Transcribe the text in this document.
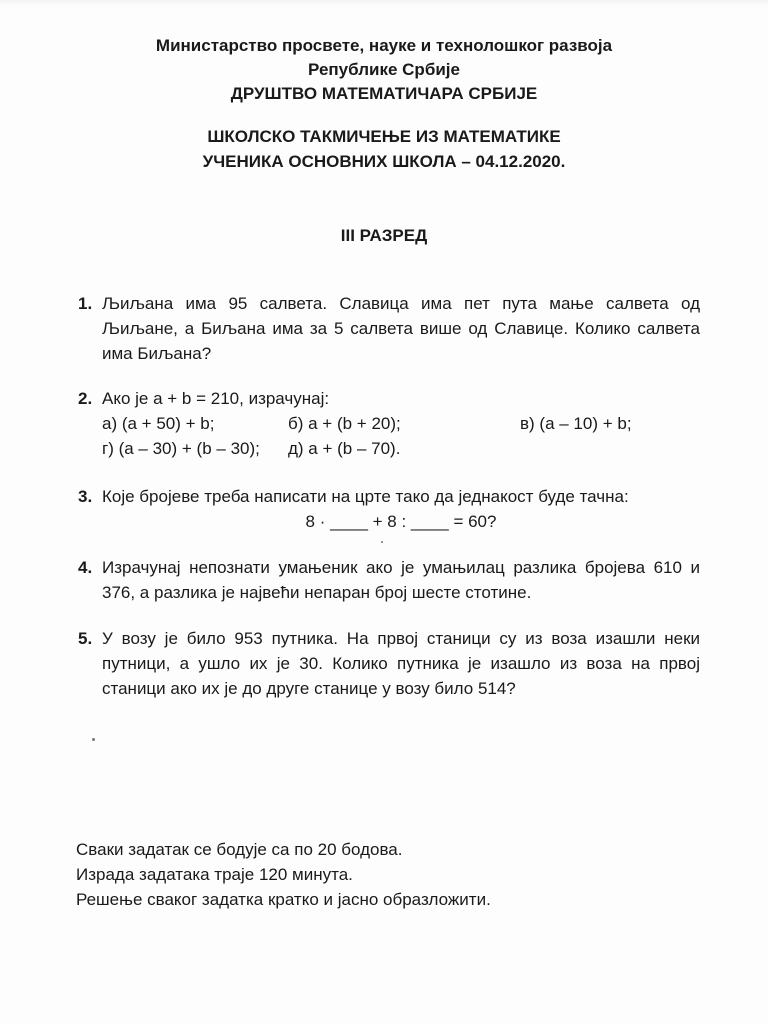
Министарство просвете, науке и технолошког развоја

Републике Србије

ДРУШТВО МАТЕМАТИЧАРА СРБИЈЕ

ШКОЛСКО ТАКМИЧЕЊЕ ИЗ МАТЕМАТИКЕ

УЧЕНИКА ОСНОВНИХ ШКОЛА – 04.12.2020.

III РАЗРЕД
1. Љиљана има 95 салвета. Славица има пет пута мање салвета од Љиљане, а Биљана има за 5 салвета више од Славице. Колико салвета има Биљана?
2. Ако је a + b = 210, израчунај:
а) (a + 50) + b;	б) a + (b + 20);	в) (a – 10) + b;
г) (a – 30) + (b – 30); д) a + (b – 70).
3. Које бројеве треба написати на црте тако да једнакост буде тачна:
8 · ____ + 8 : ____ = 60?
4. Израчунај непознати умањеник ако је умањилац разлика бројева 610 и 376, а разлика је највећи непаран број шесте стотине.
5. У возу је било 953 путника. На првој станици су из воза изашли неки путници, а ушло их је 30. Колико путника је изашло из воза на првој станици ако их је до друге станице у возу било 514?

Сваки задатак се бодује са по 20 бодова.

Израда задатака траје 120 минута.

Решење сваког задатка кратко и јасно образложити.
